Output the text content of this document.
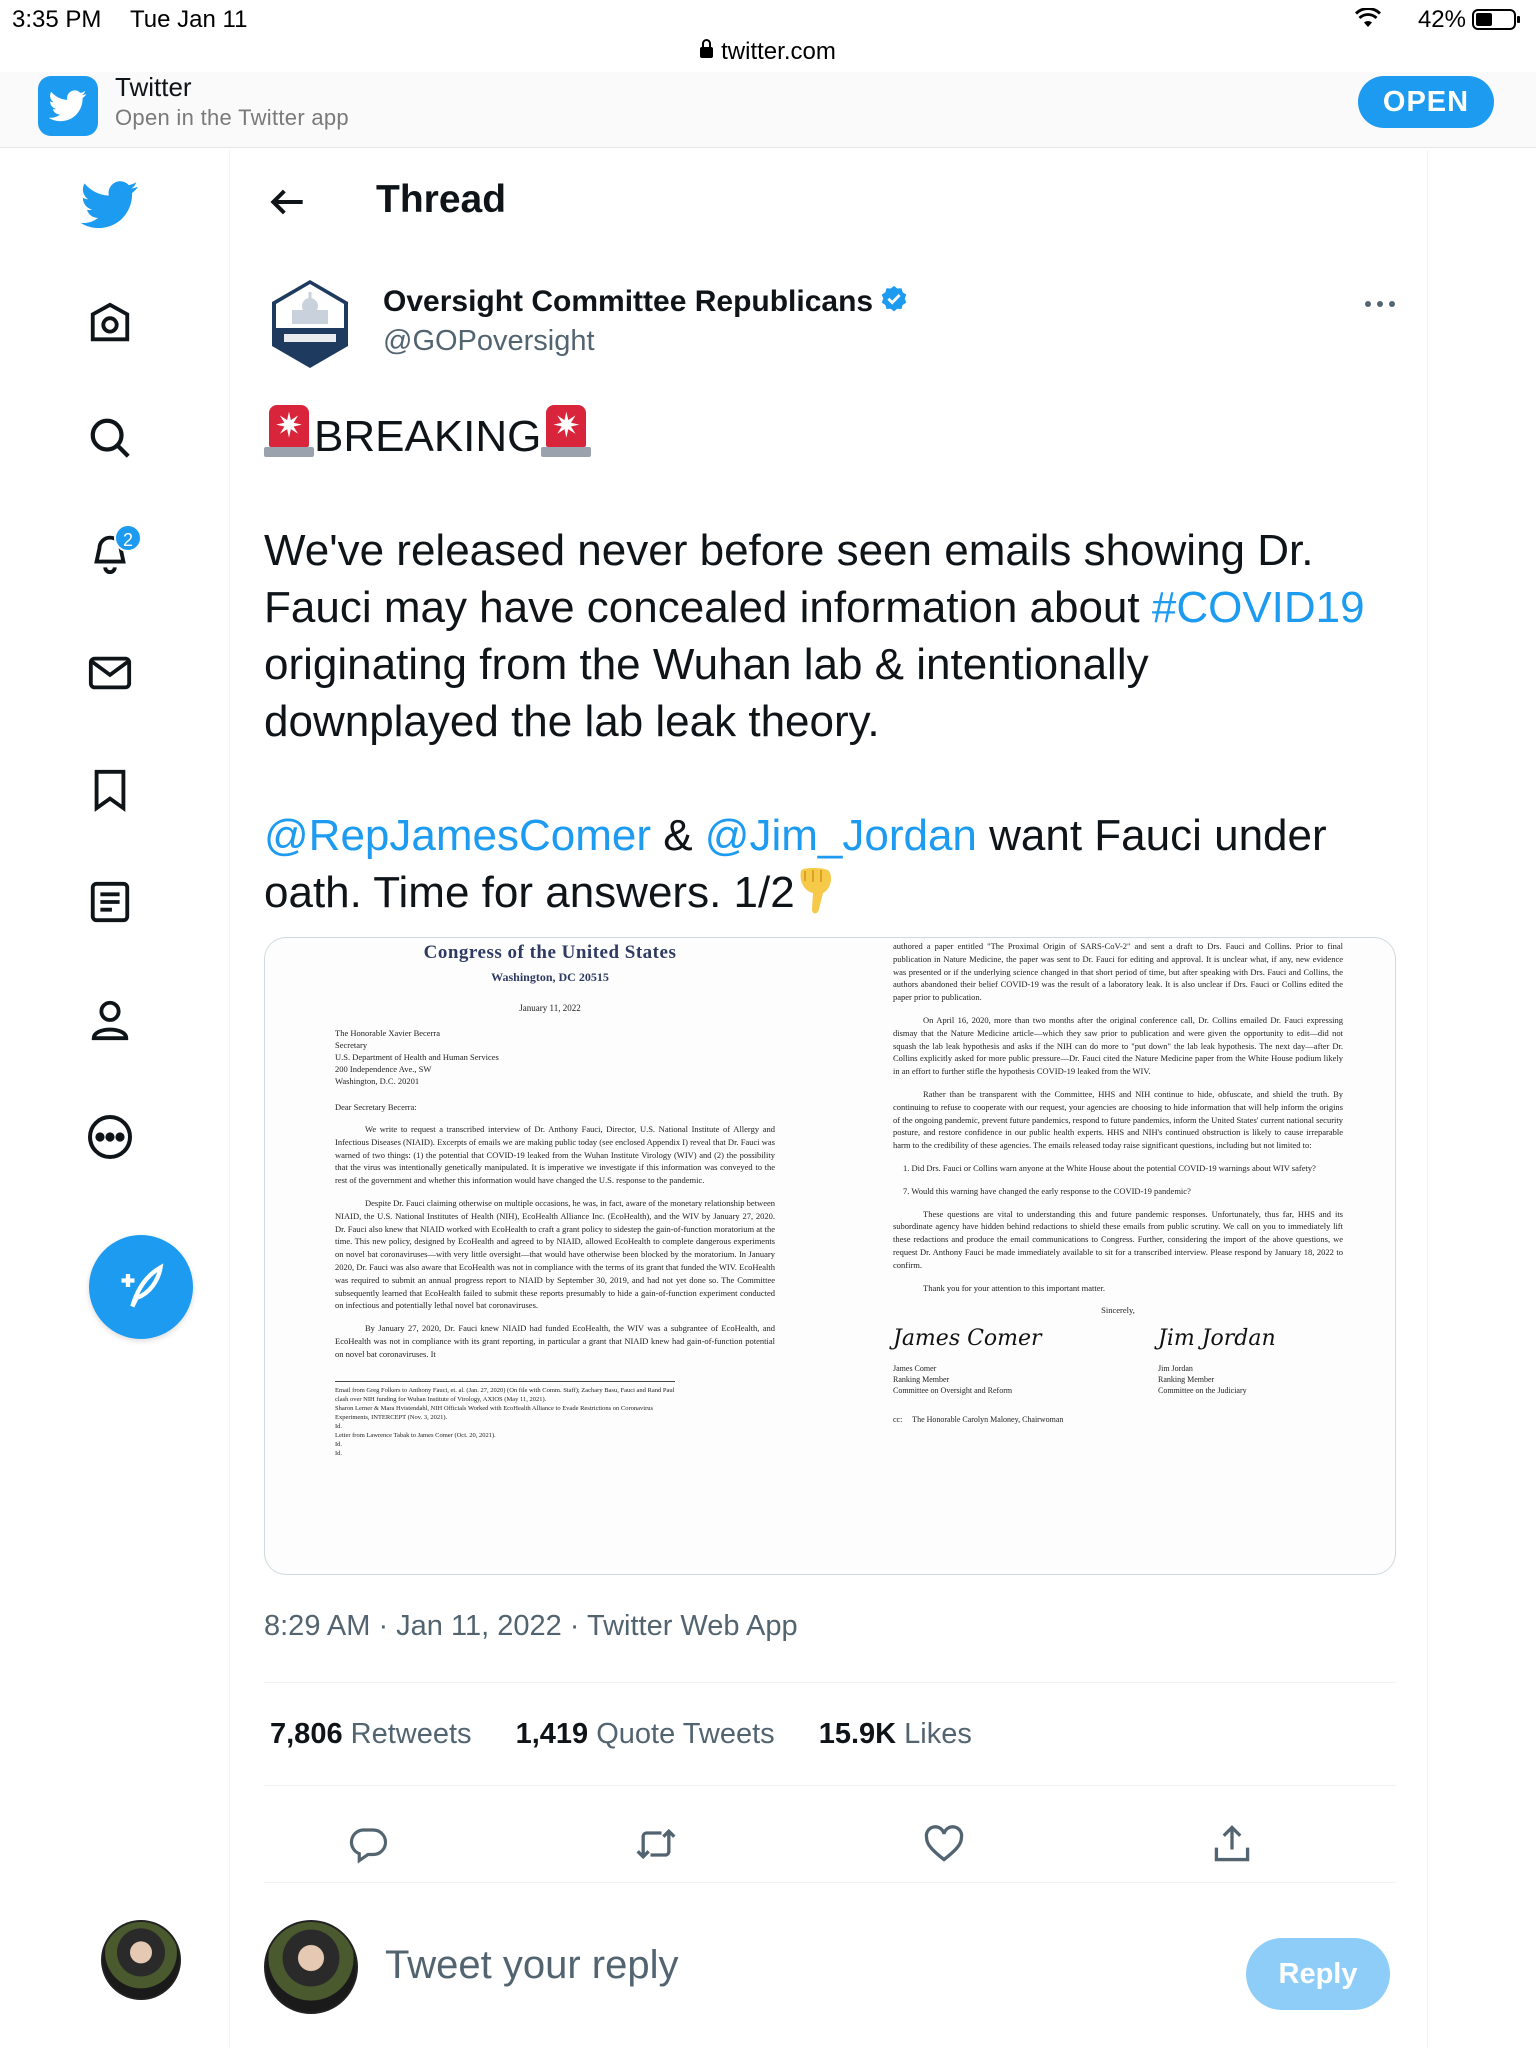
3:35 PM Tue Jan 11	42%
twitter.com
Twitter
Open in the Twitter app	OPEN
2
Thread
Oversight Committee Republicans
@GOPoversight
✷ BREAKING ✷

We've released never before seen emails showing Dr. Fauci may have concealed information about #COVID19 originating from the Wuhan lab & intentionally downplayed the lab leak theory.

@RepJamesComer & @Jim_Jordan want Fauci under oath. Time for answers. 1/2
Congress of the United States
Washington, DC 20515
January 11, 2022
The Honorable Xavier Becerra
Secretary
U.S. Department of Health and Human Services
200 Independence Ave., SW
Washington, D.C. 20201
Dear Secretary Becerra:
We write to request a transcribed interview of Dr. Anthony Fauci, Director, U.S. National Institute of Allergy and Infectious Diseases (NIAID). Excerpts of emails we are making public today (see enclosed Appendix I) reveal that Dr. Fauci was warned of two things: (1) the potential that COVID-19 leaked from the Wuhan Institute Virology (WIV) and (2) the possibility that the virus was intentionally genetically manipulated. It is imperative we investigate if this information was conveyed to the rest of the government and whether this information would have changed the U.S. response to the pandemic.
Despite Dr. Fauci claiming otherwise on multiple occasions, he was, in fact, aware of the monetary relationship between NIAID, the U.S. National Institutes of Health (NIH), EcoHealth Alliance Inc. (EcoHealth), and the WIV by January 27, 2020. Dr. Fauci also knew that NIAID worked with EcoHealth to craft a grant policy to sidestep the gain-of-function moratorium at the time. This new policy, designed by EcoHealth and agreed to by NIAID, allowed EcoHealth to complete dangerous experiments on novel bat coronaviruses—with very little oversight—that would have otherwise been blocked by the moratorium. In January 2020, Dr. Fauci was also aware that EcoHealth was not in compliance with the terms of its grant that funded the WIV. EcoHealth was required to submit an annual progress report to NIAID by September 30, 2019, and had not yet done so. The Committee subsequently learned that EcoHealth failed to submit these reports presumably to hide a gain-of-function experiment conducted on infectious and potentially lethal novel bat coronaviruses.
By January 27, 2020, Dr. Fauci knew NIAID had funded EcoHealth, the WIV was a subgrantee of EcoHealth, and EcoHealth was not in compliance with its grant reporting, in particular a grant that NIAID knew had gain-of-function potential on novel bat coronaviruses. It
Email from Greg Folkers to Anthony Fauci, et. al. (Jan. 27, 2020) (On file with Comm. Staff); Zachary Basu, Fauci and Rand Paul clash over NIH funding for Wuhan Institute of Virology, AXIOS (May 11, 2021).
Sharon Lerner & Mara Hvistendahl, NIH Officials Worked with EcoHealth Alliance to Evade Restrictions on Coronavirus Experiments, INTERCEPT (Nov. 3, 2021).
Id.
Letter from Lawrence Tabak to James Comer (Oct. 20, 2021).
Id.
Id.
authored a paper entitled "The Proximal Origin of SARS-CoV-2" and sent a draft to Drs. Fauci and Collins. Prior to final publication in Nature Medicine, the paper was sent to Dr. Fauci for editing and approval. It is unclear what, if any, new evidence was presented or if the underlying science changed in that short period of time, but after speaking with Drs. Fauci and Collins, the authors abandoned their belief COVID-19 was the result of a laboratory leak. It is also unclear if Drs. Fauci or Collins edited the paper prior to publication.
On April 16, 2020, more than two months after the original conference call, Dr. Collins emailed Dr. Fauci expressing dismay that the Nature Medicine article—which they saw prior to publication and were given the opportunity to edit—did not squash the lab leak hypothesis and asks if the NIH can do more to "put down" the lab leak hypothesis. The next day—after Dr. Collins explicitly asked for more public pressure—Dr. Fauci cited the Nature Medicine paper from the White House podium likely in an effort to further stifle the hypothesis COVID-19 leaked from the WIV.
Rather than be transparent with the Committee, HHS and NIH continue to hide, obfuscate, and shield the truth. By continuing to refuse to cooperate with our request, your agencies are choosing to hide information that will help inform the origins of the ongoing pandemic, prevent future pandemics, respond to future pandemics, inform the United States' current national security posture, and restore confidence in our public health experts. HHS and NIH's continued obstruction is likely to cause irreparable harm to the credibility of these agencies. The emails released today raise significant questions, including but not limited to:
1. Did Drs. Fauci or Collins warn anyone at the White House about the potential COVID-19 warnings about WIV safety?
7. Would this warning have changed the early response to the COVID-19 pandemic?
These questions are vital to understanding this and future pandemic responses. Unfortunately, thus far, HHS and its subordinate agency have hidden behind redactions to shield these emails from public scrutiny. We call on you to immediately lift these redactions and produce the email communications to Congress. Further, considering the import of the above questions, we request Dr. Anthony Fauci be made immediately available to sit for a transcribed interview. Please respond by January 18, 2022 to confirm.
Thank you for your attention to this important matter.
Sincerely,
James Comer
James Comer
Ranking Member
Committee on Oversight and Reform
Jim Jordan
Jim Jordan
Ranking Member
Committee on the Judiciary
cc:     The Honorable Carolyn Maloney, Chairwoman
8:29 AM · Jan 11, 2022 · Twitter Web App
7,806 Retweets 1,419 Quote Tweets 15.9K Likes
Tweet your reply
Reply
